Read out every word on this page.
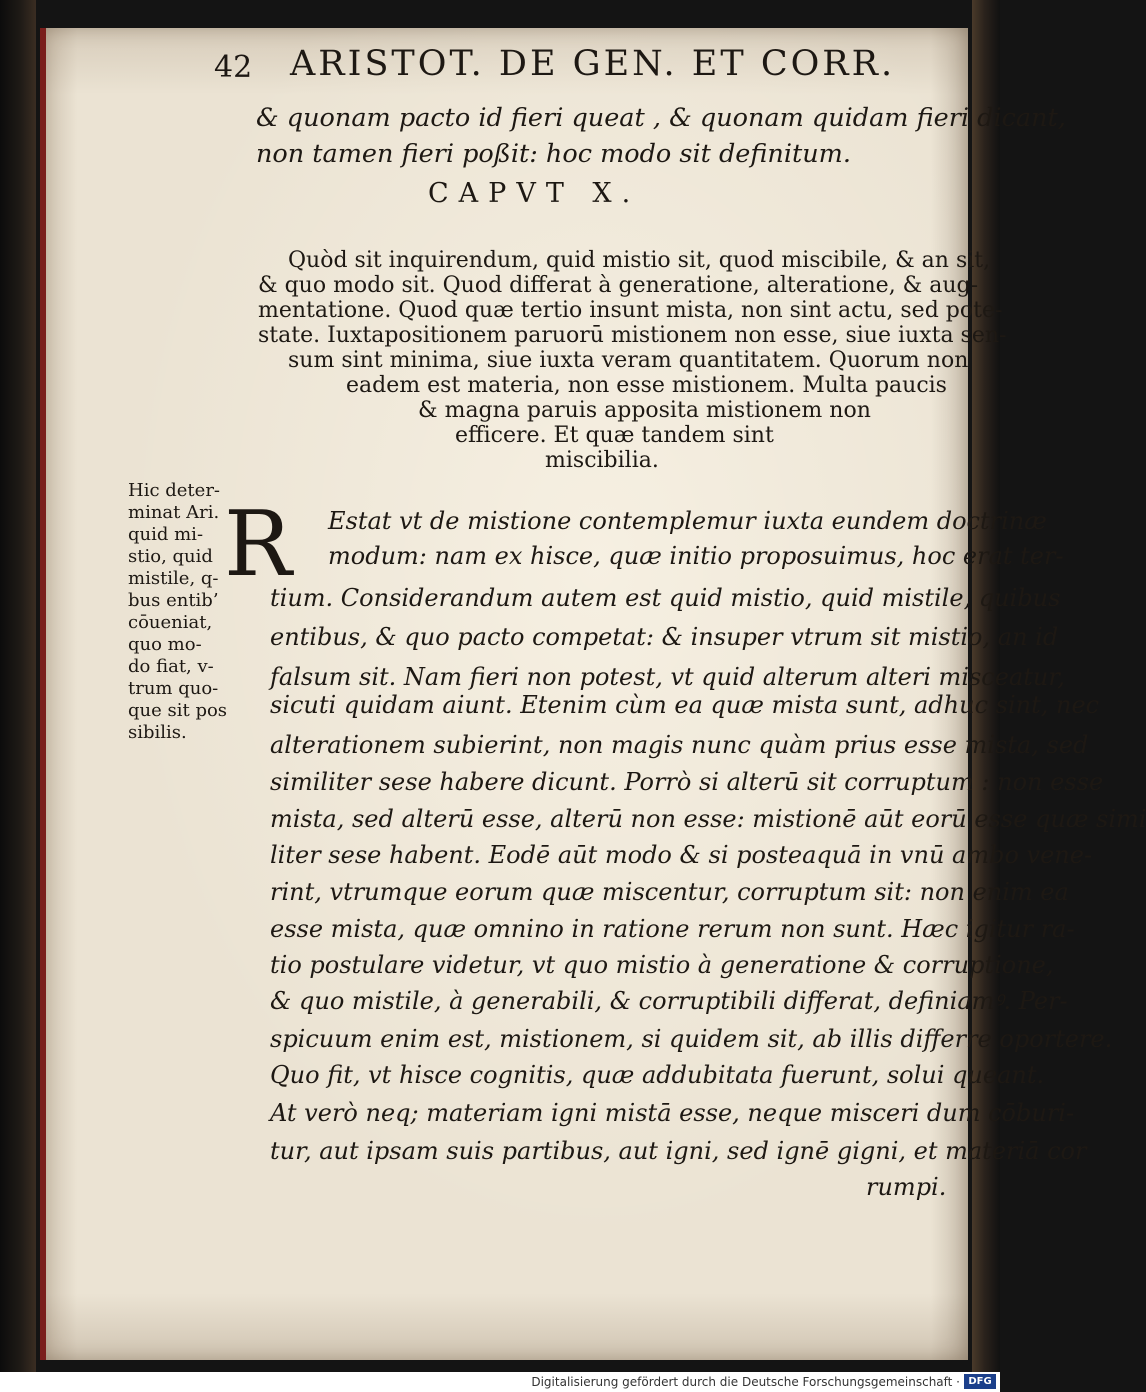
42 ARISTOT. DE GEN. ET CORR.
& quonam pacto id fieri queat , & quonam quidam fieri dicant,
non tamen fieri poßit: hoc modo sit definitum.
CAPVT X.
Quòd sit inquirendum, quid mistio sit, quod miscibile, & an sit,
& quo modo sit. Quod differat à generatione, alteratione, & aug-
mentatione. Quod quæ tertio insunt mista, non sint actu, sed pote-
state. Iuxtapositionem paruorū mistionem non esse, siue iuxta sen-
sum sint minima, siue iuxta veram quantitatem. Quorum non
eadem est materia, non esse mistionem. Multa paucis
& magna paruis apposita mistionem non
efficere. Et quæ tandem sint
miscibilia.
Hic deter-
minat Ari.
quid mi-
stio, quid
mistile, q-
bus entib’
cōueniat,
quo mo-
do fiat, v-
trum quo-
que sit pos
sibilis.
R Estat vt de mistione contemplemur iuxta eundem doctrinæ
modum: nam ex hisce, quæ initio proposuimus, hoc erat ter-
tium. Considerandum autem est quid mistio, quid mistile, quibus
entibus, & quo pacto competat: & insuper vtrum sit mistio, an id
falsum sit. Nam fieri non potest, vt quid alterum alteri misceatur,
sicuti quidam aiunt. Etenim cùm ea quæ mista sunt, adhuc sint, nec
alterationem subierint, non magis nunc quàm prius esse mista, sed
similiter sese habere dicunt. Porrò si alterū sit corruptum : non esse
mista, sed alterū esse, alterū non esse: mistionē aūt eorū esse quæ simi
liter sese habent. Eodē aūt modo & si posteaquā in vnū ambo vene-
rint, vtrumque eorum quæ miscentur, corruptum sit: non enim ea
esse mista, quæ omnino in ratione rerum non sunt. Hæc igitur ra-
tio postulare videtur, vt quo mistio à generatione & corruptione,
& quo mistile, à generabili, & corruptibili differat, definiamꝰ. Per-
spicuum enim est, mistionem, si quidem sit, ab illis differre oportere.
Quo fit, vt hisce cognitis, quæ addubitata fuerunt, solui queant.
At verò neq; materiam igni mistā esse, neque misceri dum cōburi-
tur, aut ipsam suis partibus, aut igni, sed ignē gigni, et materiā cor
rumpi.
Digitalisierung gefördert durch die Deutsche Forschungsgemeinschaft · DFG
